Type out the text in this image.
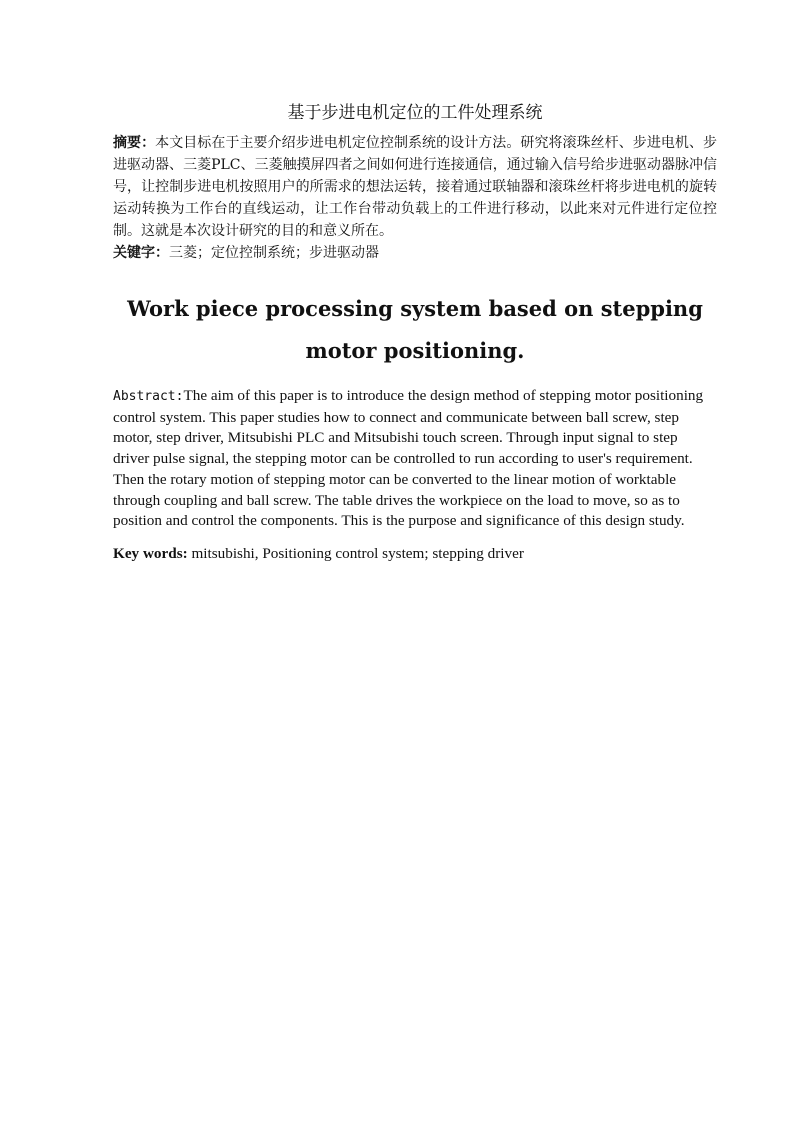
基于步进电机定位的工件处理系统

摘要：本文目标在于主要介绍步进电机定位控制系统的设计方法。研究将滚珠丝杆、步进电机、步进驱动器、三菱PLC、三菱触摸屏四者之间如何进行连接通信，通过输入信号给步进驱动器脉冲信号，让控制步进电机按照用户的所需求的想法运转，接着通过联轴器和滚珠丝杆将步进电机的旋转运动转换为工作台的直线运动，让工作台带动负载上的工件进行移动，以此来对元件进行定位控制。这就是本次设计研究的目的和意义所在。

关键字：三菱；定位控制系统；步进驱动器

Work piece processing system based on stepping motor positioning.

Abstract:The aim of this paper is to introduce the design method of stepping motor positioning control system. This paper studies how to connect and communicate between ball screw, step motor, step driver, Mitsubishi PLC and Mitsubishi touch screen. Through input signal to step driver pulse signal, the stepping motor can be controlled to run according to user's requirement. Then the rotary motion of stepping motor can be converted to the linear motion of worktable through coupling and ball screw. The table drives the workpiece on the load to move, so as to position and control the components. This is the purpose and significance of this design study.

Key words: mitsubishi, Positioning control system; stepping driver
